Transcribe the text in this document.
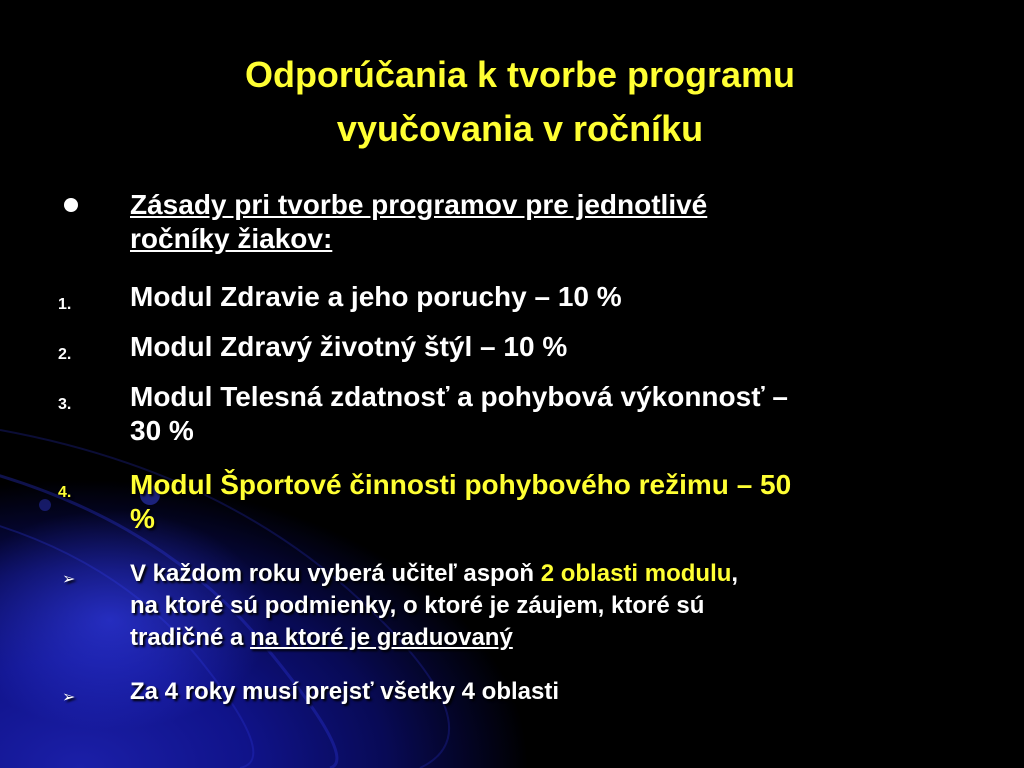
Odporúčania k tvorbe programu
vyučovania v ročníku
Zásady pri tvorbe programov pre jednotlivé
ročníky žiakov:
1.	Modul Zdravie a jeho poruchy – 10 %
2.	Modul Zdravý životný štýl – 10 %
3.	Modul Telesná zdatnosť a pohybová výkonnosť –
30 %
4.	Modul Športové činnosti pohybového režimu – 50
%
➢	V každom roku vyberá učiteľ aspoň 2 oblasti modulu,
na ktoré sú podmienky, o ktoré je záujem, ktoré sú
tradičné a na ktoré je graduovaný
➢	Za 4 roky musí prejsť všetky 4 oblasti
